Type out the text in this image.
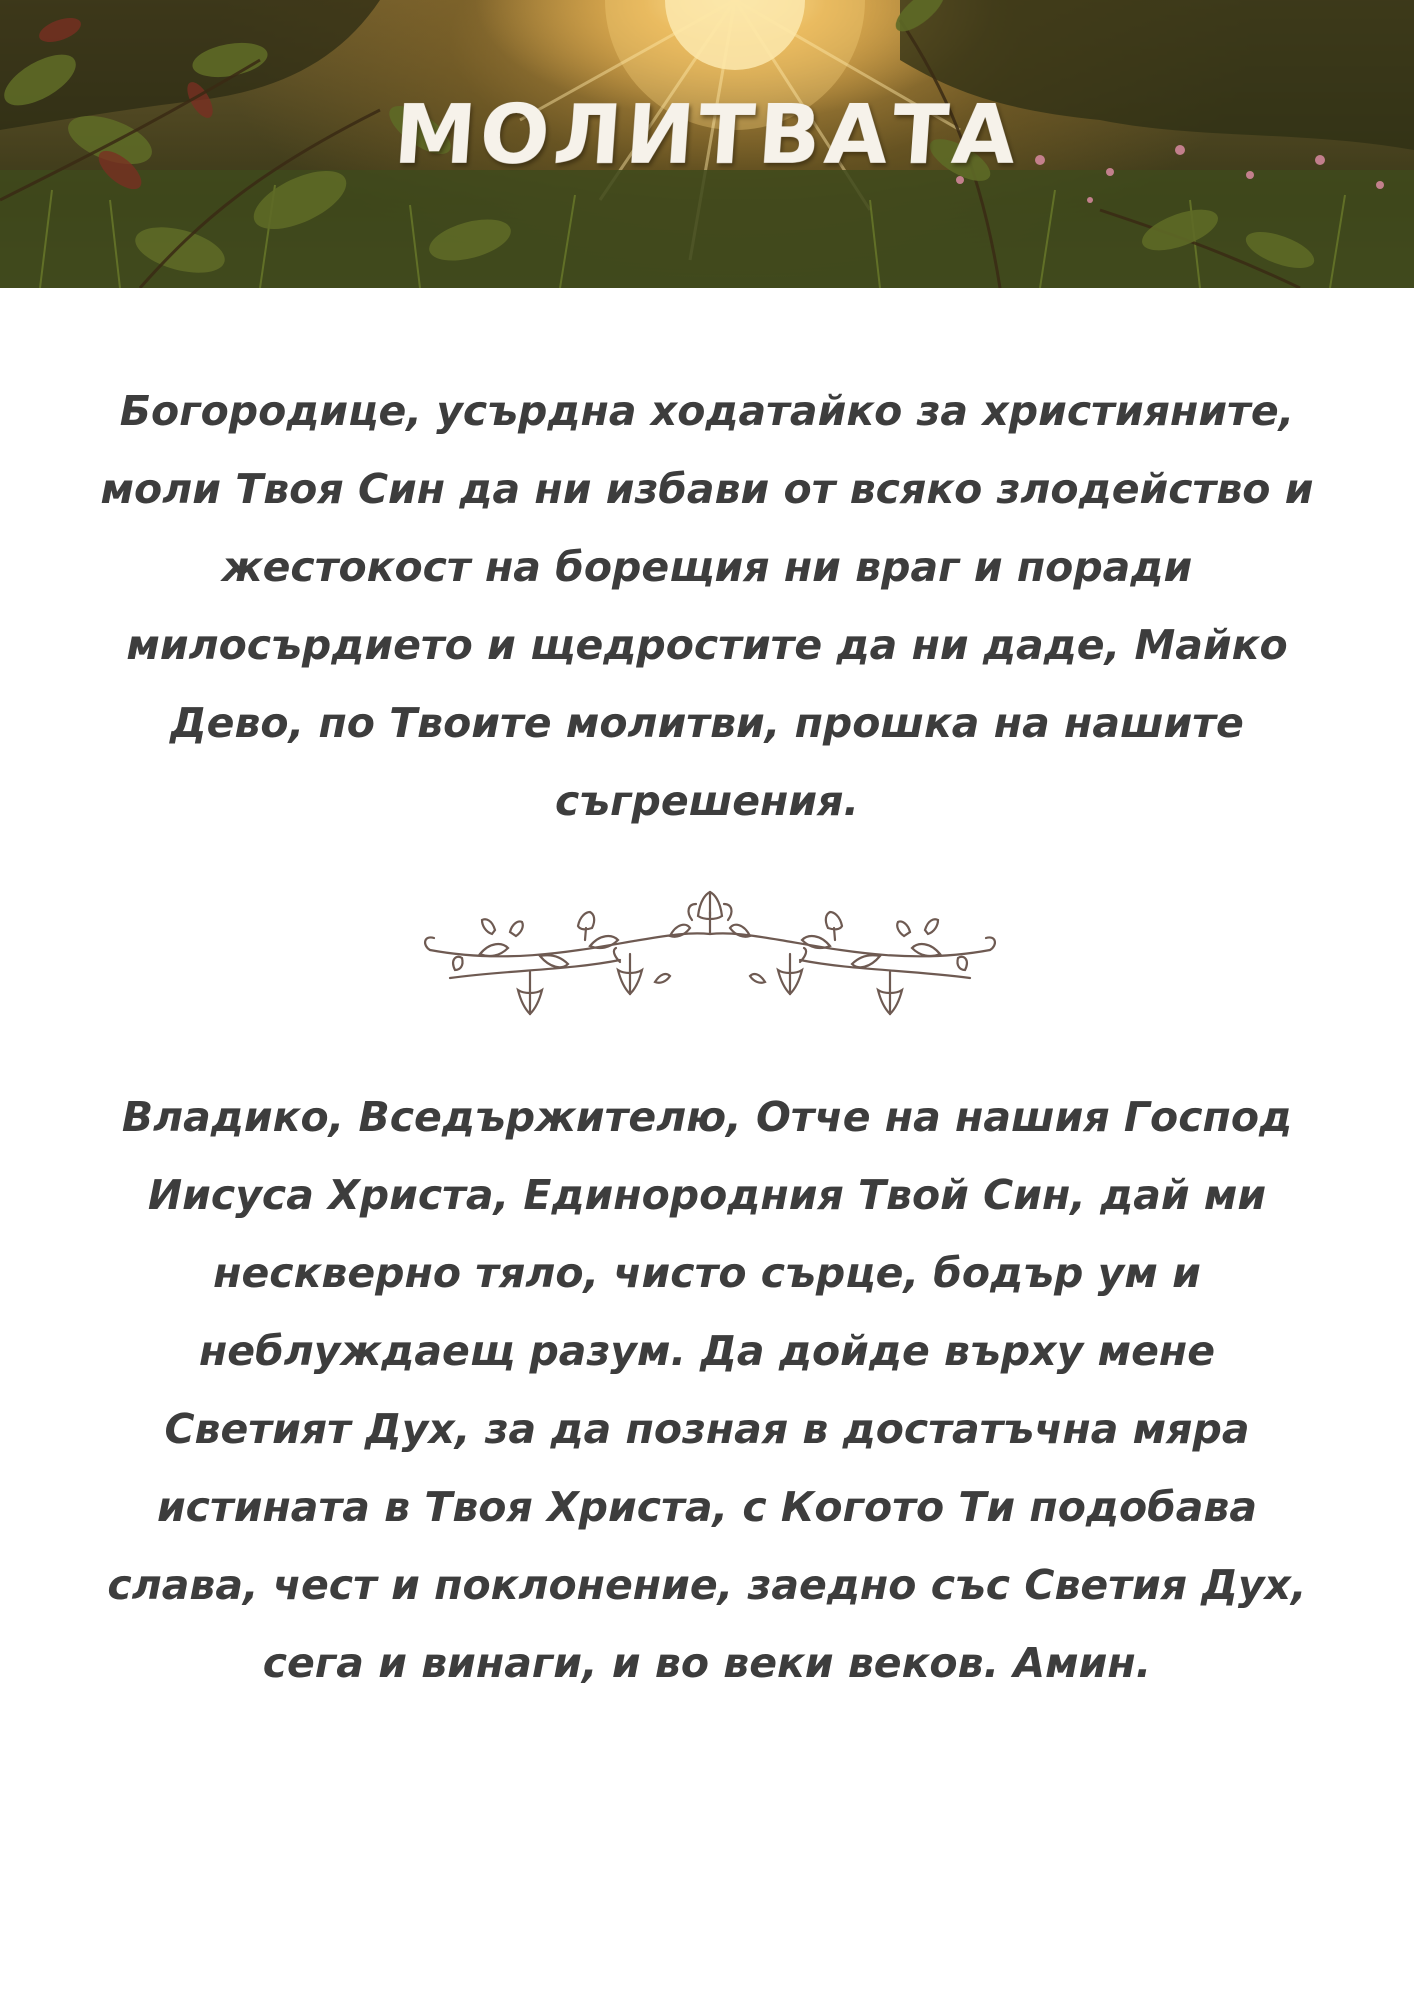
МОЛИТВАТА

Богородице, усърдна ходатайко за християните, моли Твоя Син да ни избави от всяко злодейство и жестокост на борещия ни враг и поради милосърдието и щедростите да ни даде, Майко Дево, по Твоите молитви, прошка на нашите съгрешения.

Владико, Вседържителю, Отче на нашия Господ Иисуса Христа, Единородния Твой Син, дай ми нескверно тяло, чисто сърце, бодър ум и неблуждаещ разум. Да дойде върху мене Светият Дух, за да позная в достатъчна мяра истината в Твоя Христа, с Когото Ти подобава слава, чест и поклонение, заедно със Светия Дух, сега и винаги, и во веки веков. Амин.
